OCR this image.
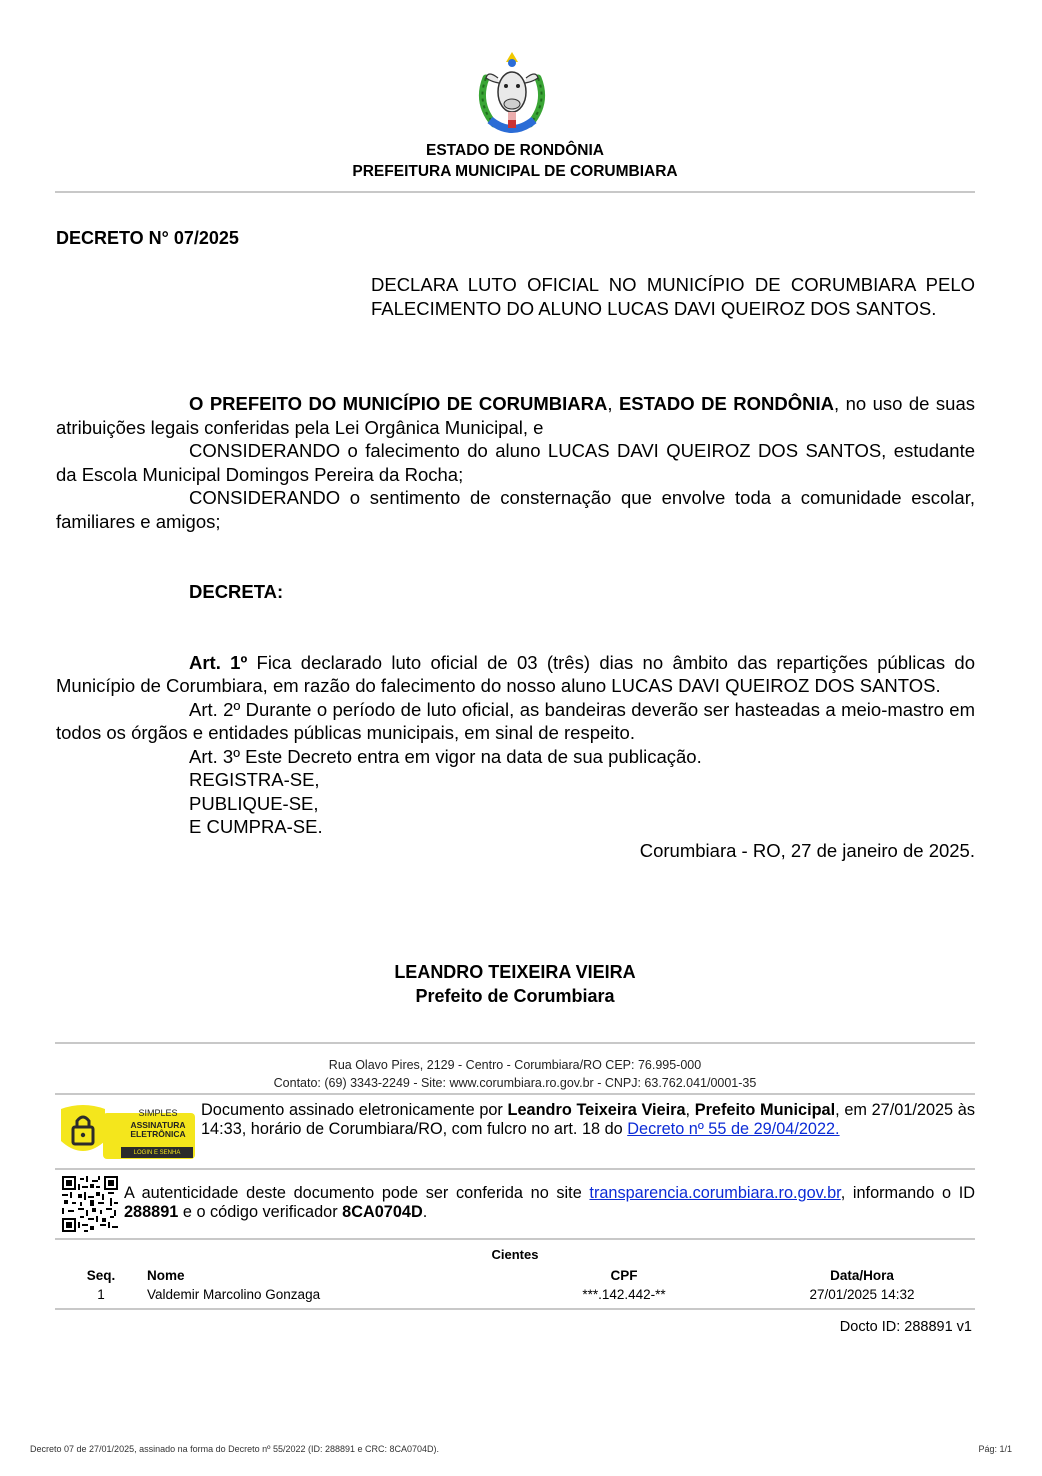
ESTADO DE RONDÔNIA
PREFEITURA MUNICIPAL DE CORUMBIARA
DECRETO N° 07/2025
DECLARA LUTO OFICIAL NO MUNICÍPIO DE CORUMBIARA PELO FALECIMENTO DO ALUNO LUCAS DAVI QUEIROZ DOS SANTOS.

O PREFEITO DO MUNICÍPIO DE CORUMBIARA, ESTADO DE RONDÔNIA, no uso de suas atribuições legais conferidas pela Lei Orgânica Municipal, e

CONSIDERANDO o falecimento do aluno LUCAS DAVI QUEIROZ DOS SANTOS, estudante da Escola Municipal Domingos Pereira da Rocha;

CONSIDERANDO o sentimento de consternação que envolve toda a comunidade escolar, familiares e amigos;

DECRETA:

Art. 1º Fica declarado luto oficial de 03 (três) dias no âmbito das repartições públicas do Município de Corumbiara, em razão do falecimento do nosso aluno LUCAS DAVI QUEIROZ DOS SANTOS.

Art. 2º Durante o período de luto oficial, as bandeiras deverão ser hasteadas a meio-mastro em todos os órgãos e entidades públicas municipais, em sinal de respeito.

Art. 3º Este Decreto entra em vigor na data de sua publicação.

REGISTRA-SE,

PUBLIQUE-SE,

E CUMPRA-SE.

Corumbiara - RO, 27 de janeiro de 2025.

LEANDRO TEIXEIRA VIEIRA
Prefeito de Corumbiara
Rua Olavo Pires, 2129 - Centro - Corumbiara/RO CEP: 76.995-000
Contato: (69) 3343-2249 - Site: www.corumbiara.ro.gov.br - CNPJ: 63.762.041/0001-35
SIMPLES
ASSINATURA
ELETRÔNICA
LOGIN E SENHA
Documento assinado eletronicamente por Leandro Teixeira Vieira, Prefeito Municipal, em 27/01/2025 às 14:33, horário de Corumbiara/RO, com fulcro no art. 18 do Decreto nº 55 de 29/04/2022.
A autenticidade deste documento pode ser conferida no site transparencia.corumbiara.ro.gov.br, informando o ID 288891 e o código verificador 8CA0704D.
Cientes
Seq.	Nome	CPF	Data/Hora
1	Valdemir Marcolino Gonzaga	***.142.442-**	27/01/2025 14:32
Docto ID: 288891 v1
Decreto 07 de 27/01/2025, assinado na forma do Decreto nº 55/2022 (ID: 288891 e CRC: 8CA0704D).	Pág: 1/1
